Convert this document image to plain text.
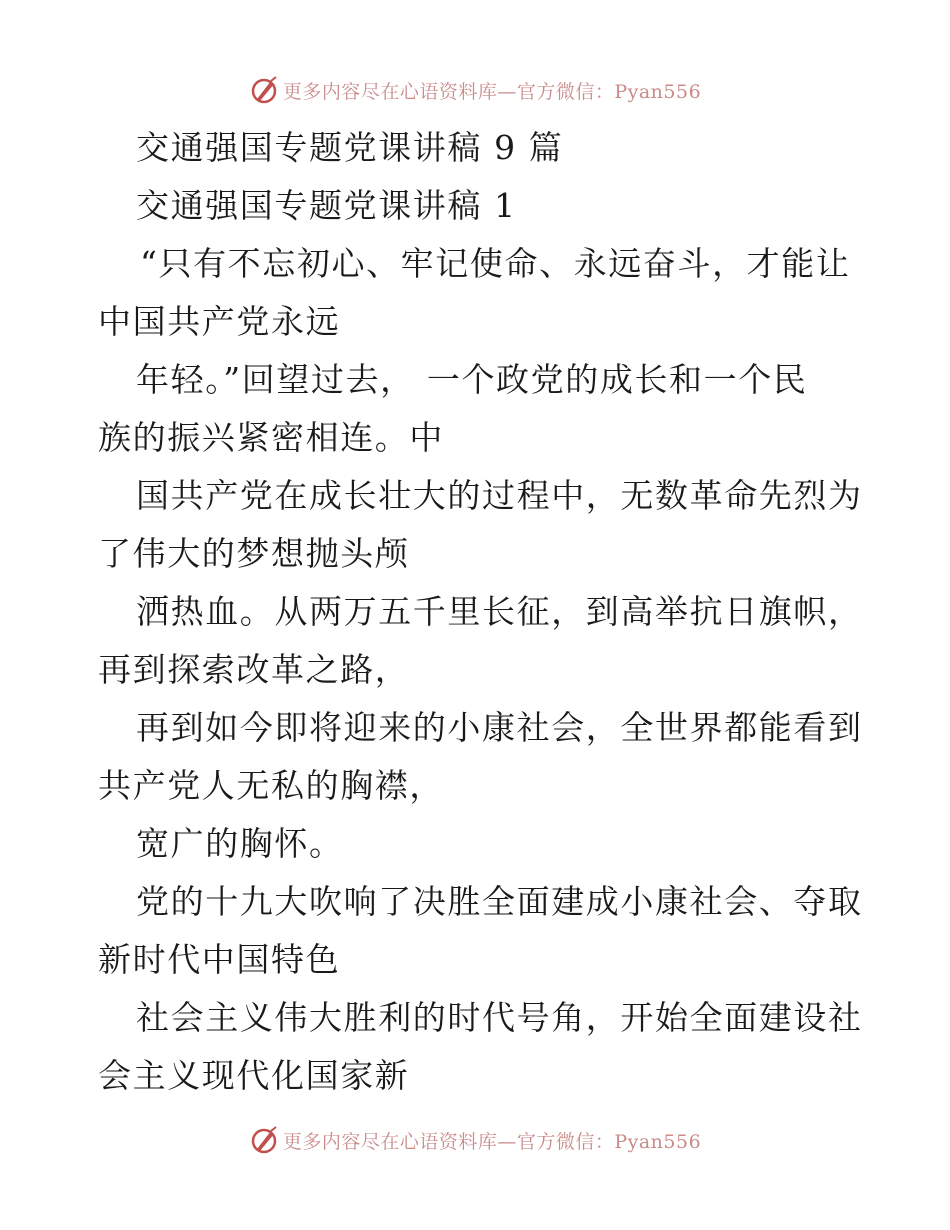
更多内容尽在心语资料库—官方微信：Pyan556
交通强国专题党课讲稿 9 篇
交通强国专题党课讲稿 1
“只有不忘初心、牢记使命、永远奋斗，才能让
中国共产党永远
年轻。”回望过去， 一个政党的成长和一个民
族的振兴紧密相连。中
国共产党在成长壮大的过程中，无数革命先烈为
了伟大的梦想抛头颅
洒热血。从两万五千里长征，到高举抗日旗帜，
再到探索改革之路，
再到如今即将迎来的小康社会，全世界都能看到
共产党人无私的胸襟，
宽广的胸怀。
党的十九大吹响了决胜全面建成小康社会、夺取
新时代中国特色
社会主义伟大胜利的时代号角，开始全面建设社
会主义现代化国家新
更多内容尽在心语资料库—官方微信：Pyan556
